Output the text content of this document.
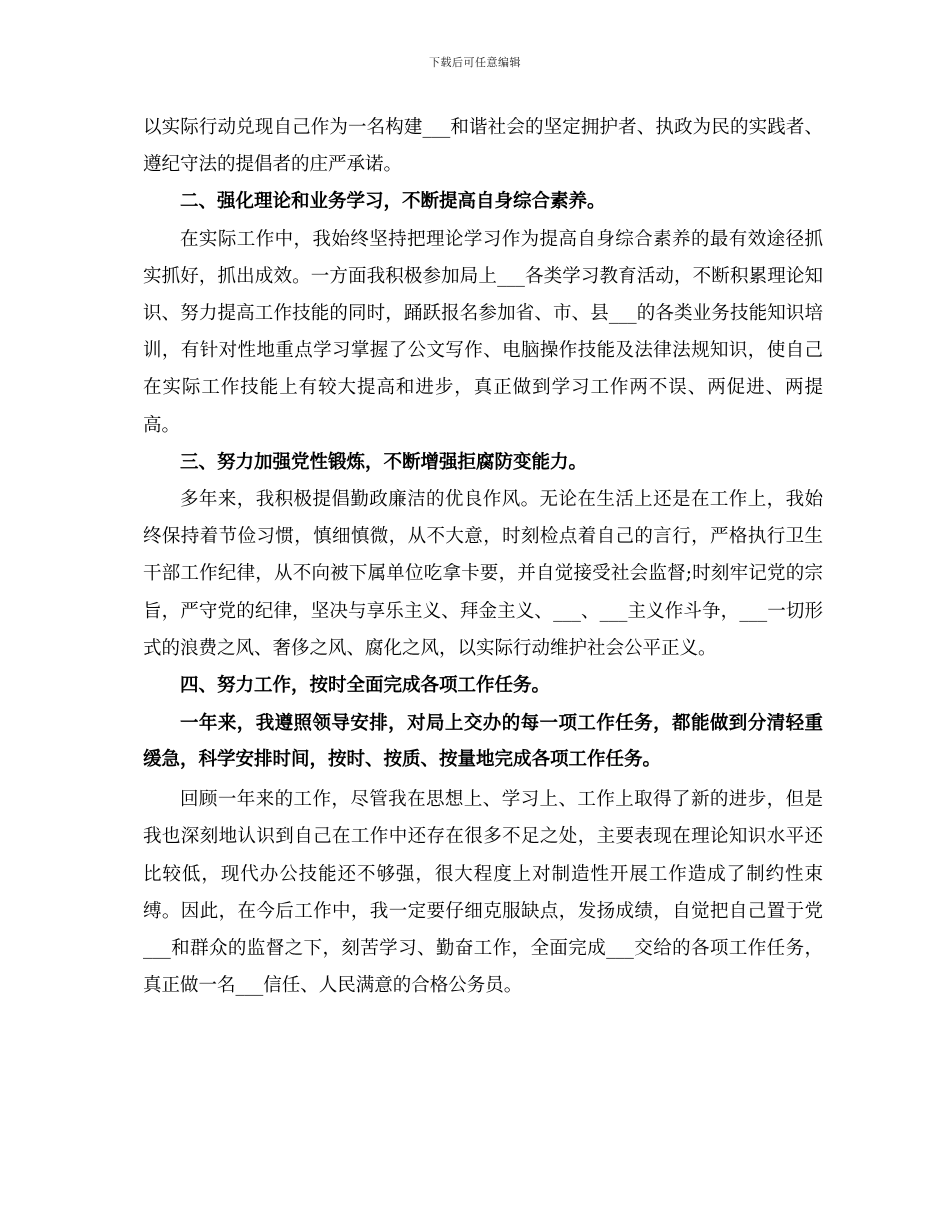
下载后可任意编辑

以实际行动兑现自己作为一名构建___和谐社会的坚定拥护者、执政为民的实践者、遵纪守法的提倡者的庄严承诺。

二、强化理论和业务学习，不断提高自身综合素养。

在实际工作中，我始终坚持把理论学习作为提高自身综合素养的最有效途径抓实抓好，抓出成效。一方面我积极参加局上___各类学习教育活动，不断积累理论知识、努力提高工作技能的同时，踊跃报名参加省、市、县___的各类业务技能知识培训，有针对性地重点学习掌握了公文写作、电脑操作技能及法律法规知识，使自己在实际工作技能上有较大提高和进步，真正做到学习工作两不误、两促进、两提高。

三、努力加强党性锻炼，不断增强拒腐防变能力。

多年来，我积极提倡勤政廉洁的优良作风。无论在生活上还是在工作上，我始终保持着节俭习惯，慎细慎微，从不大意，时刻检点着自己的言行，严格执行卫生干部工作纪律，从不向被下属单位吃拿卡要，并自觉接受社会监督;时刻牢记党的宗旨，严守党的纪律，坚决与享乐主义、拜金主义、___、___主义作斗争，___一切形式的浪费之风、奢侈之风、腐化之风，以实际行动维护社会公平正义。

四、努力工作，按时全面完成各项工作任务。

一年来，我遵照领导安排，对局上交办的每一项工作任务，都能做到分清轻重缓急，科学安排时间，按时、按质、按量地完成各项工作任务。

回顾一年来的工作，尽管我在思想上、学习上、工作上取得了新的进步，但是我也深刻地认识到自己在工作中还存在很多不足之处，主要表现在理论知识水平还比较低，现代办公技能还不够强，很大程度上对制造性开展工作造成了制约性束缚。因此，在今后工作中，我一定要仔细克服缺点，发扬成绩，自觉把自己置于党___和群众的监督之下，刻苦学习、勤奋工作，全面完成___交给的各项工作任务，真正做一名___信任、人民满意的合格公务员。
